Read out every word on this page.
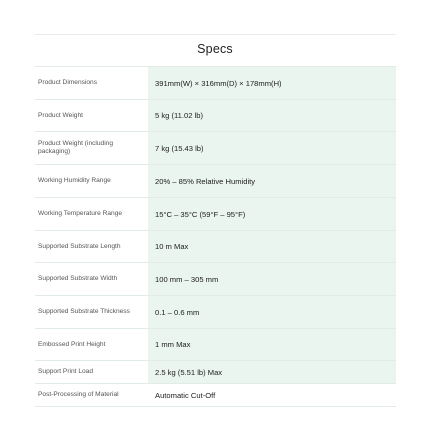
Specs
Product Dimensions	391mm(W) × 316mm(D) × 178mm(H)
Product Weight	5 kg (11.02 lb)
Product Weight (including packaging)	7 kg (15.43 lb)
Working Humidity Range	20% – 85% Relative Humidity
Working Temperature Range	15°C – 35°C (59°F – 95°F)
Supported Substrate Length	10 m Max
Supported Substrate Width	100 mm – 305 mm
Supported Substrate Thickness	0.1 – 0.6 mm
Embossed Print Height	1 mm Max
Support Print Load	2.5 kg (5.51 lb) Max
Post-Processing of Material	Automatic Cut-Off
